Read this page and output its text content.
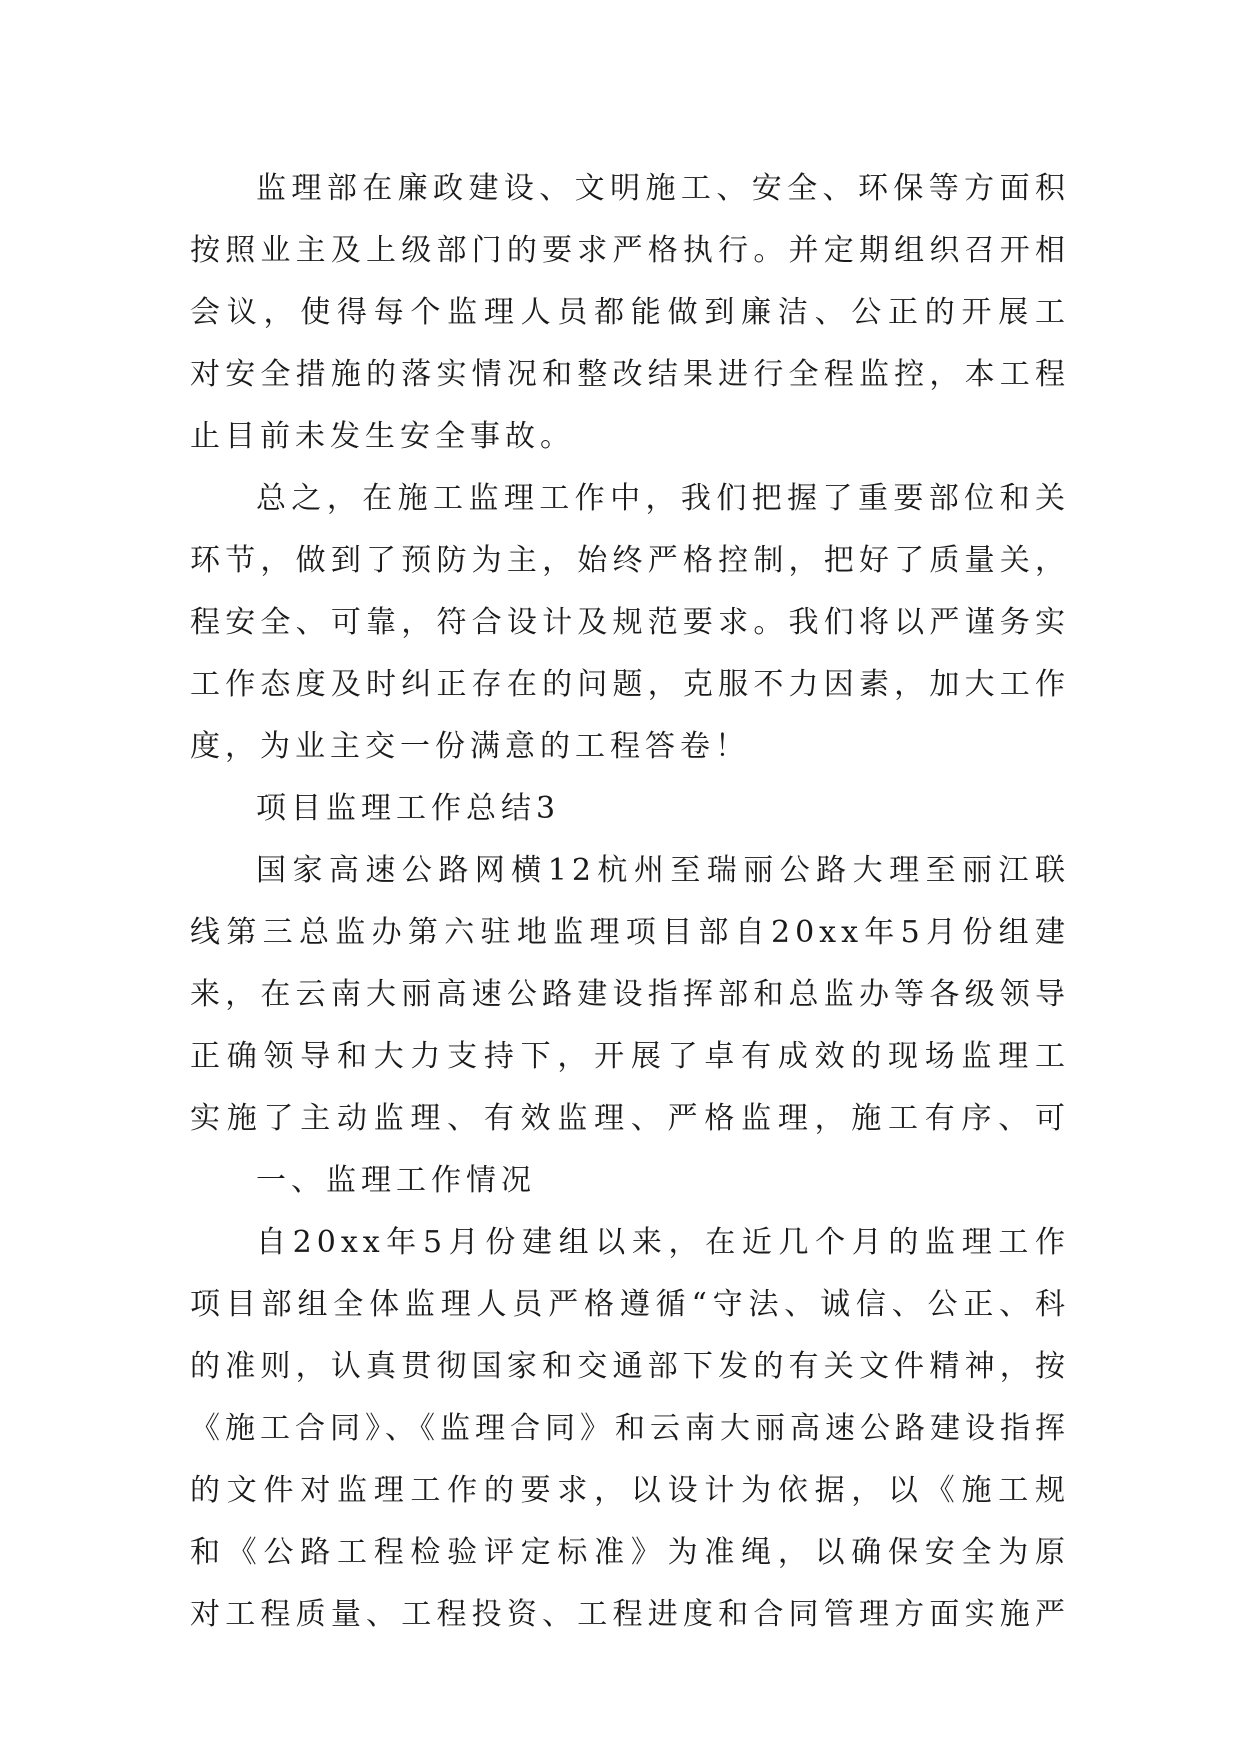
监理部在廉政建设、文明施工、安全、环保等方面积
按照业主及上级部门的要求严格执行。并定期组织召开相
会议，使得每个监理人员都能做到廉洁、公正的开展工
对安全措施的落实情况和整改结果进行全程监控，本工程
止目前未发生安全事故。
总之，在施工监理工作中，我们把握了重要部位和关
环节，做到了预防为主，始终严格控制，把好了质量关，
程安全、可靠，符合设计及规范要求。我们将以严谨务实
工作态度及时纠正存在的问题，克服不力因素，加大工作
度，为业主交一份满意的工程答卷！
项目监理工作总结3
国家高速公路网横12杭州至瑞丽公路大理至丽江联
线第三总监办第六驻地监理项目部自20xx年5月份组建
来，在云南大丽高速公路建设指挥部和总监办等各级领导
正确领导和大力支持下，开展了卓有成效的现场监理工
实施了主动监理、有效监理、严格监理，施工有序、可
一、监理工作情况
自20xx年5月份建组以来，在近几个月的监理工作
项目部组全体监理人员严格遵循“守法、诚信、公正、科
的准则，认真贯彻国家和交通部下发的有关文件精神，按
《施工合同》、《监理合同》和云南大丽高速公路建设指挥
的文件对监理工作的要求，以设计为依据，以《施工规
和《公路工程检验评定标准》为准绳，以确保安全为原
对工程质量、工程投资、工程进度和合同管理方面实施严
